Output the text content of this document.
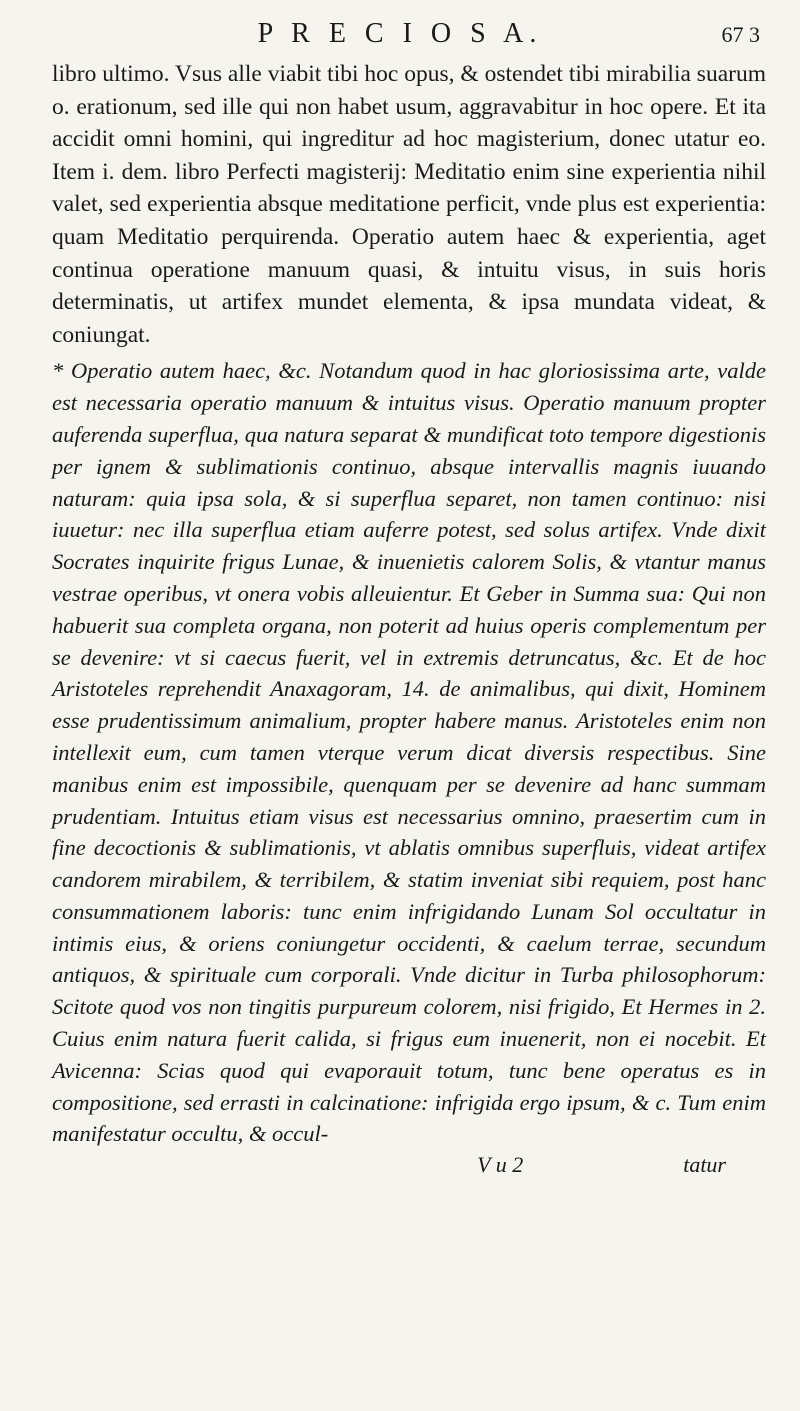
P R E C I O S A.	67 3

libro ultimo. Vsus alle viabit tibi hoc opus, & ostendet tibi mirabilia suarum o. erationum, sed ille qui non habet usum, aggravabitur in hoc opere. Et ita accidit omni homini, qui ingreditur ad hoc magisterium, donec utatur eo. Item i. dem. libro Perfecti magisterij: Meditatio enim sine experientia nihil valet, sed experientia absque meditatione perficit, vnde plus est experientia: quam Meditatio perquirenda. Operatio autem haec & experientia, aget continua operatione manuum quasi, & intuitu visus, in suis horis determinatis, ut artifex mundet elementa, & ipsa mundata videat, & coniungat.

* Operatio autem haec, &c. Notandum quod in hac gloriosissima arte, valde est necessaria operatio manuum & intuitus visus. Operatio manuum propter auferenda superflua, qua natura separat & mundificat toto tempore digestionis per ignem & sublimationis continuo, absque intervallis magnis iuuando naturam: quia ipsa sola, & si superflua separet, non tamen continuo: nisi iuuetur: nec illa superflua etiam auferre potest, sed solus artifex. Vnde dixit Socrates inquirite frigus Lunae, & inuenietis calorem Solis, & vtantur manus vestrae operibus, vt onera vobis alleuientur. Et Geber in Summa sua: Qui non habuerit sua completa organa, non poterit ad huius operis complementum per se devenire: vt si caecus fuerit, vel in extremis detruncatus, &c. Et de hoc Aristoteles reprehendit Anaxagoram, 14. de animalibus, qui dixit, Hominem esse prudentissimum animalium, propter habere manus. Aristoteles enim non intellexit eum, cum tamen vterque verum dicat diversis respectibus. Sine manibus enim est impossibile, quenquam per se devenire ad hanc summam prudentiam. Intuitus etiam visus est necessarius omnino, praesertim cum in fine decoctionis & sublimationis, vt ablatis omnibus superfluis, videat artifex candorem mirabilem, & terribilem, & statim inveniat sibi requiem, post hanc consummationem laboris: tunc enim infrigidando Lunam Sol occultatur in intimis eius, & oriens coniungetur occidenti, & caelum terrae, secundum antiquos, & spirituale cum corporali. Vnde dicitur in Turba philosophorum: Scitote quod vos non tingitis purpureum colorem, nisi frigido, Et Hermes in 2. Cuius enim natura fuerit calida, si frigus eum inuenerit, non ei nocebit. Et Avicenna: Scias quod qui evaporauit totum, tunc bene operatus es in compositione, sed errasti in calcinatione: infrigida ergo ipsum, & c. Tum enim manifestatur occultu, & occul-

V u 2	tatur
